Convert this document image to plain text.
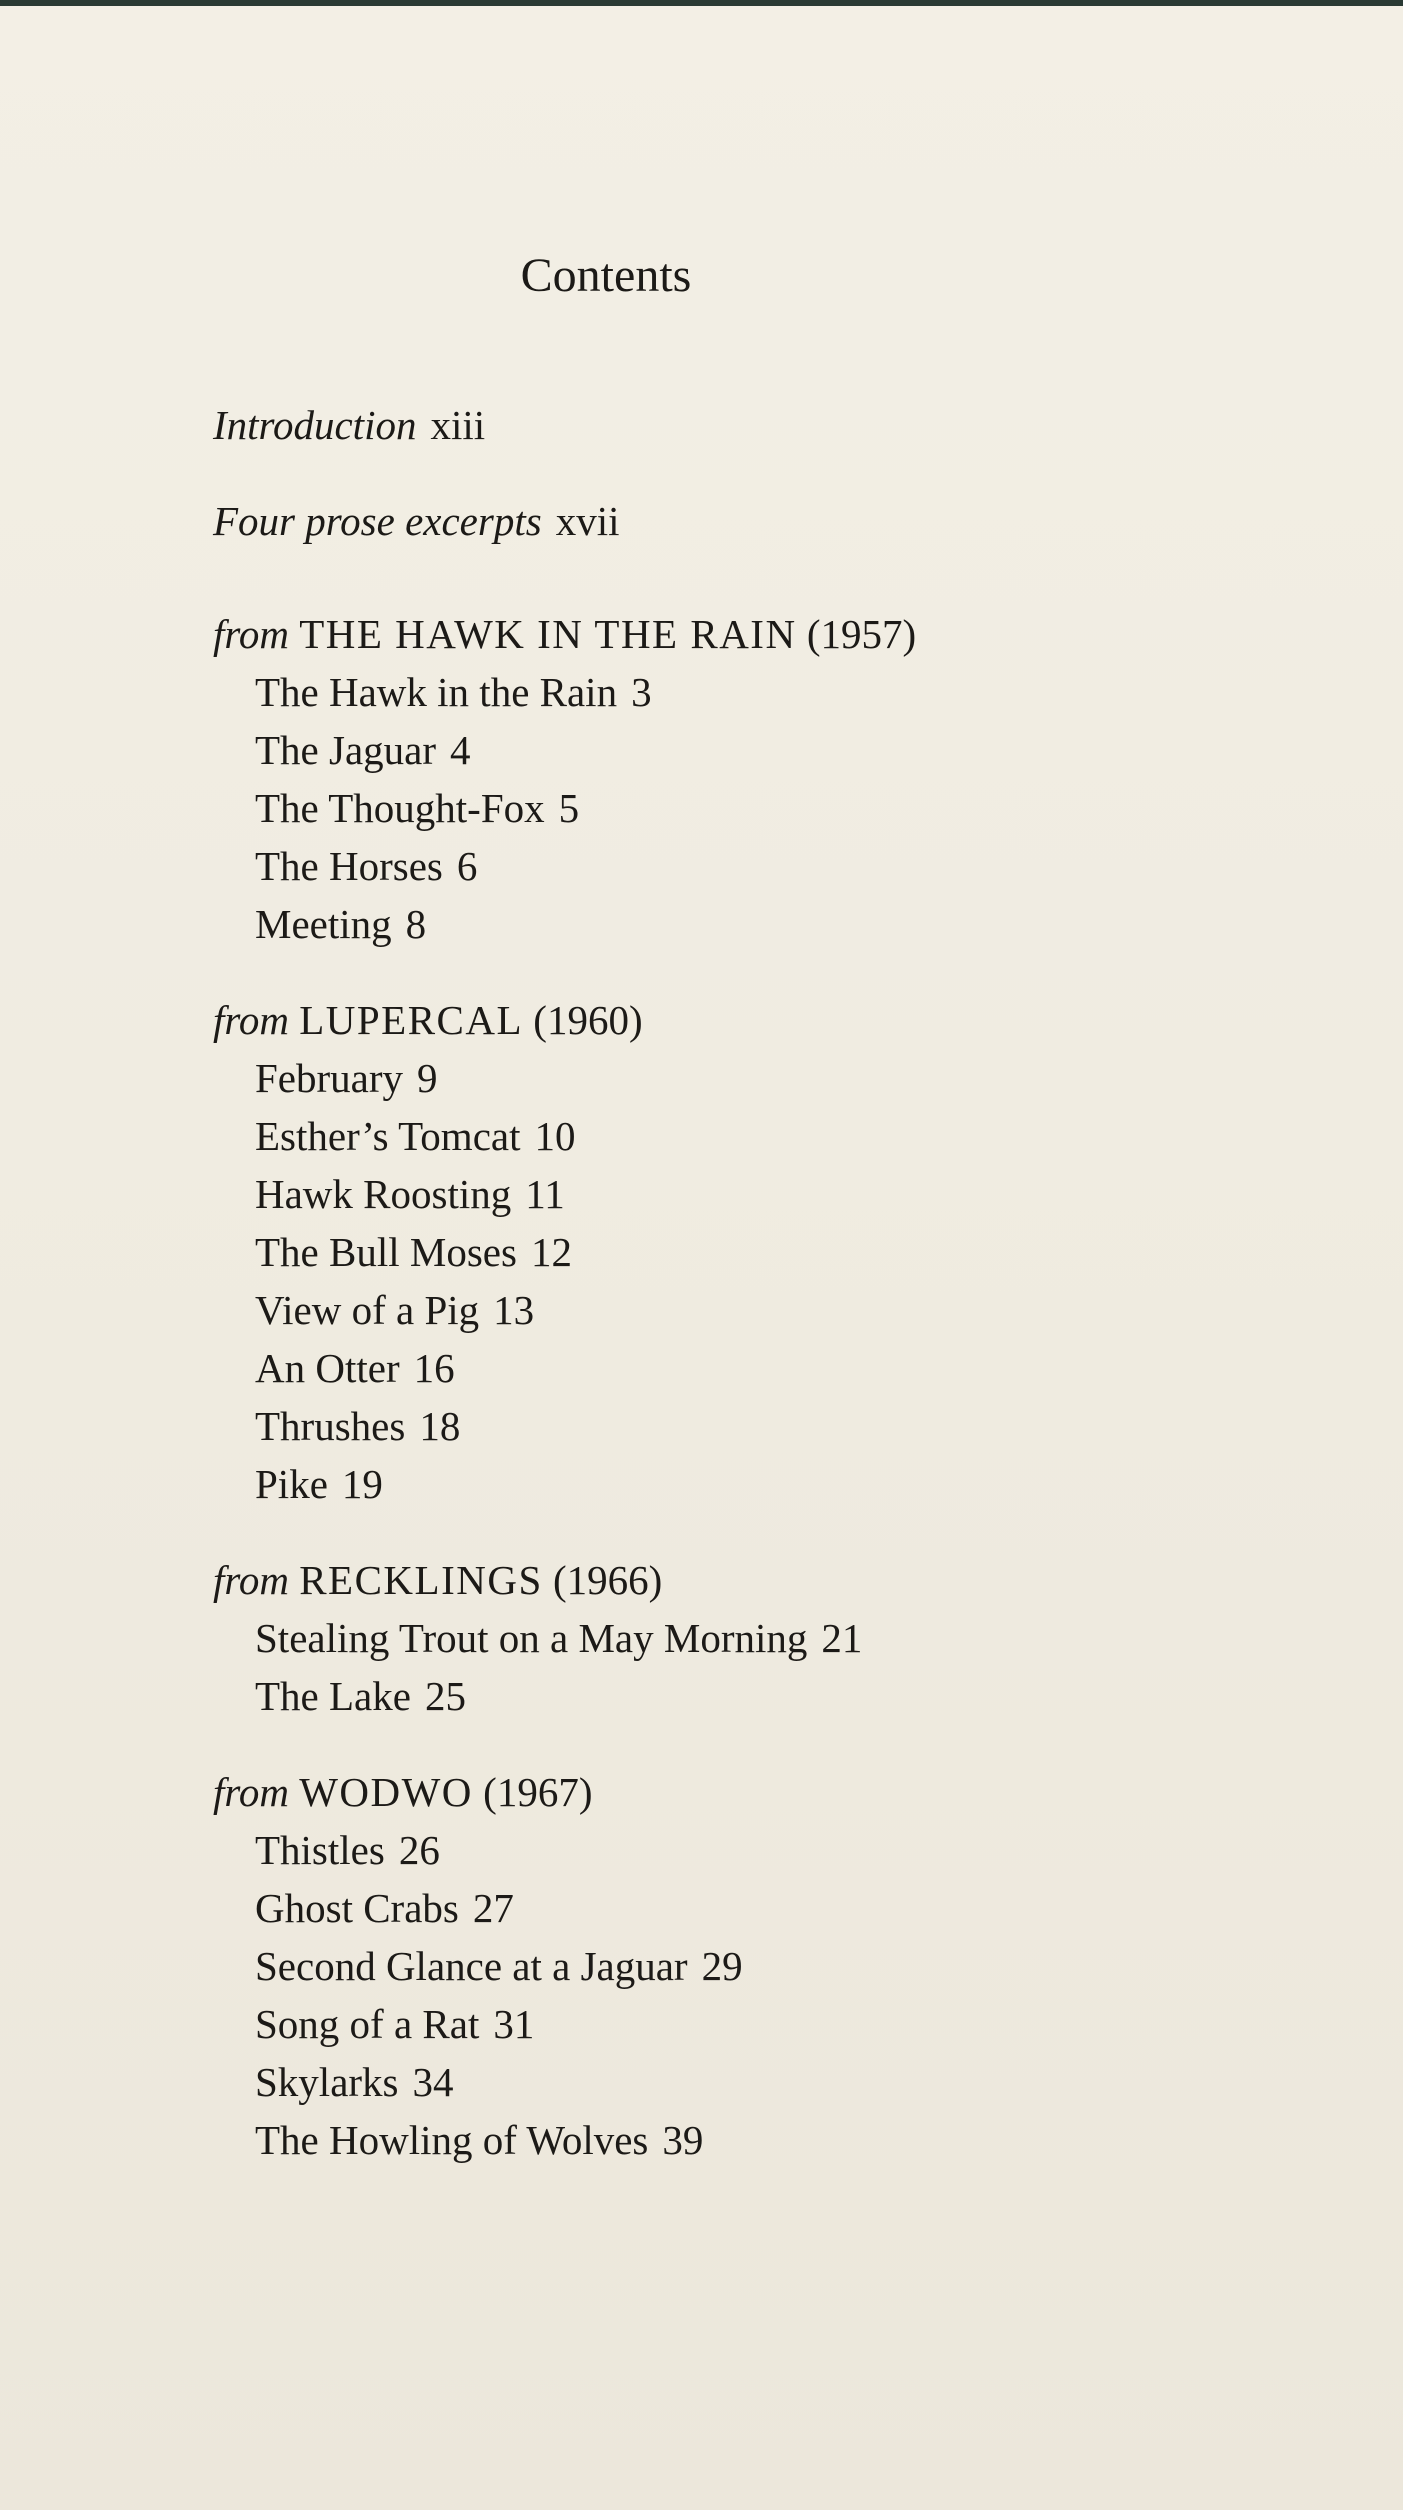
Contents
Introduction xiii
Four prose excerpts xvii
from THE HAWK IN THE RAIN (1957)
The Hawk in the Rain 3
The Jaguar 4
The Thought-Fox 5
The Horses 6
Meeting 8
from LUPERCAL (1960)
February 9
Esther’s Tomcat 10
Hawk Roosting 11
The Bull Moses 12
View of a Pig 13
An Otter 16
Thrushes 18
Pike 19
from RECKLINGS (1966)
Stealing Trout on a May Morning 21
The Lake 25
from WODWO (1967)
Thistles 26
Ghost Crabs 27
Second Glance at a Jaguar 29
Song of a Rat 31
Skylarks 34
The Howling of Wolves 39
